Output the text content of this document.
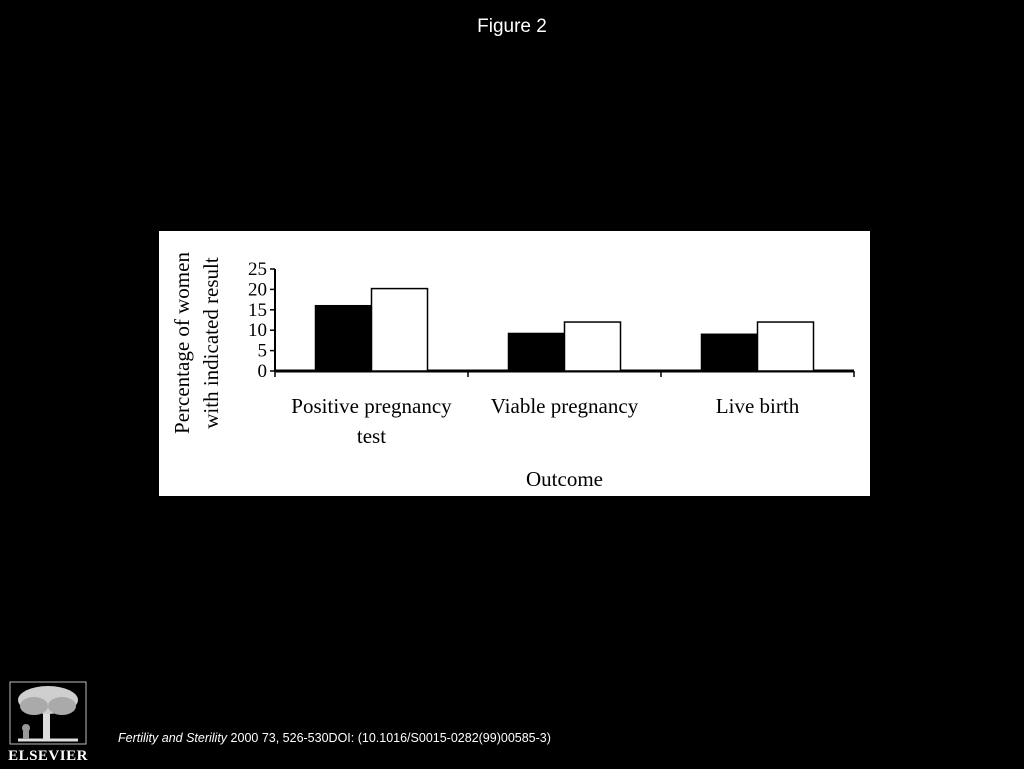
Figure 2
0
5
10
15
20
25
Positive pregnancy
test
Viable pregnancy	Live birth
Outcome
Percentage of women with indicated result
ELSEVIER
Fertility and Sterility 2000 73, 526-530DOI: (10.1016/S0015-0282(99)00585-3)
